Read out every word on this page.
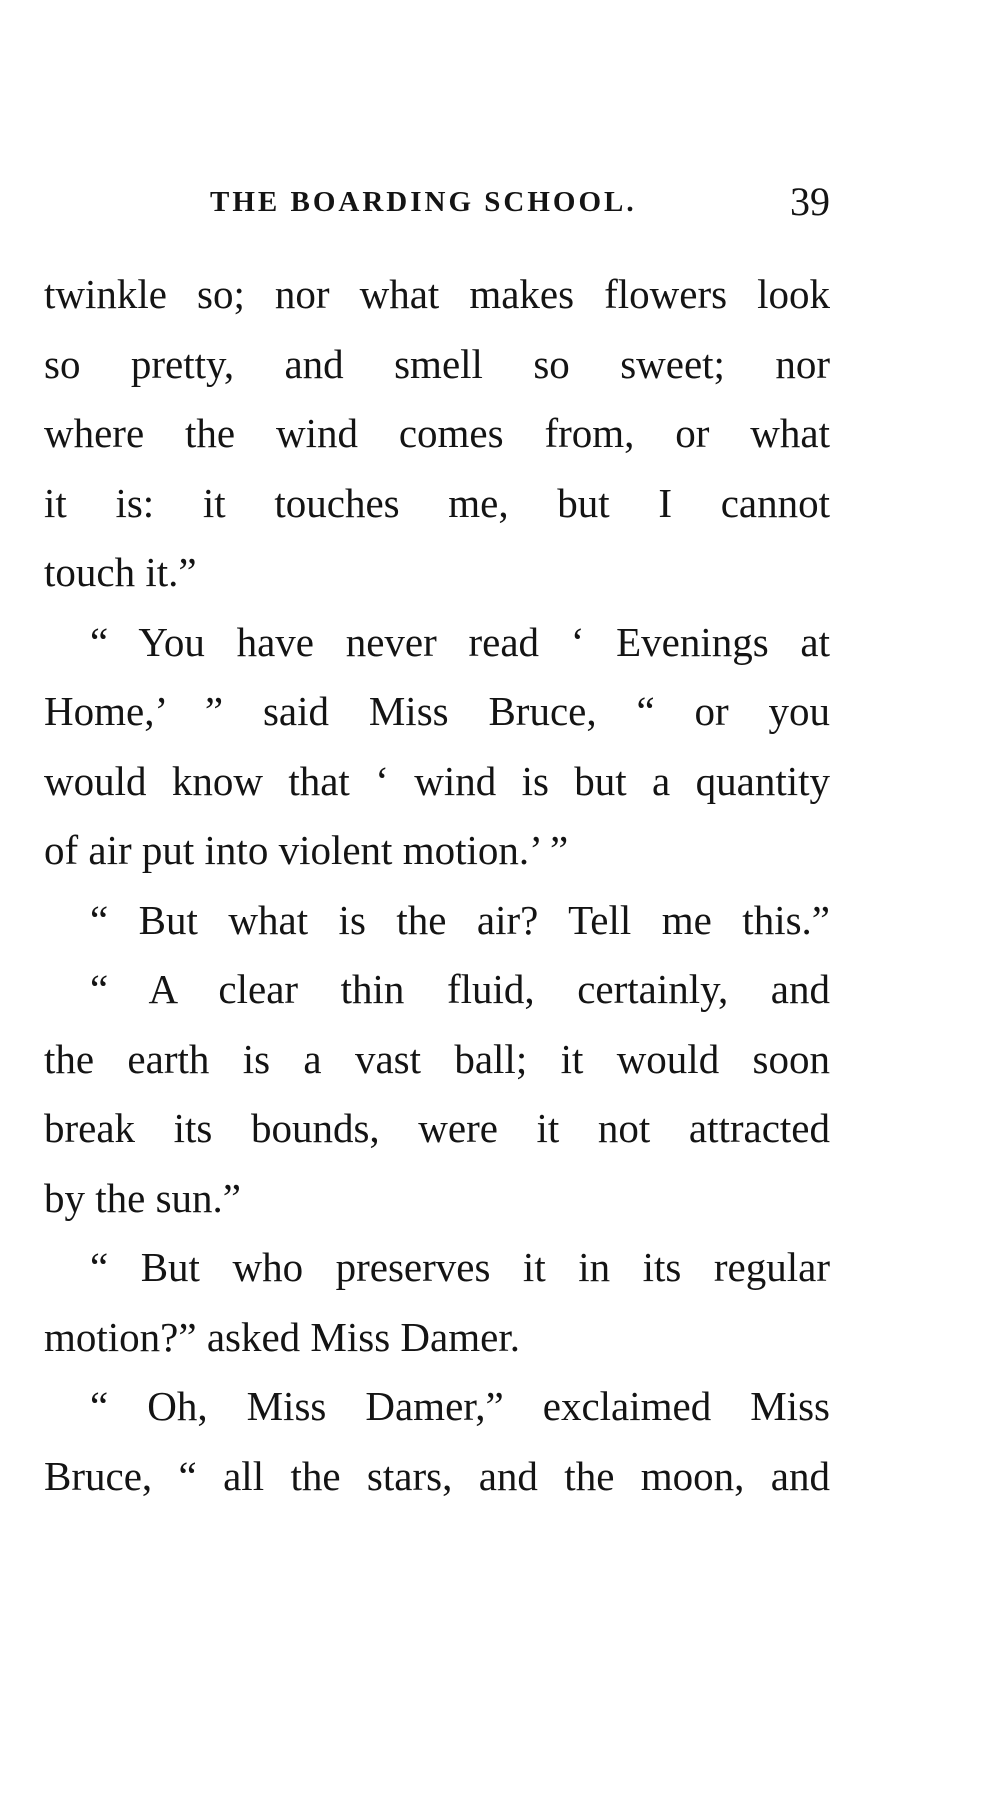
THE BOARDING SCHOOL.	39
twinkle so; nor what makes flowers look
so pretty, and smell so sweet; nor
where the wind comes from, or what
it is: it touches me, but I cannot
touch it.”
“ You have never read ‘ Evenings at
Home,’ ” said Miss Bruce, “ or you
would know that ‘ wind is but a quantity
of air put into violent motion.’ ”
“ But what is the air? Tell me this.”
“ A clear thin fluid, certainly, and
the earth is a vast ball; it would soon
break its bounds, were it not attracted
by the sun.”
“ But who preserves it in its regular
motion?” asked Miss Damer.
“ Oh, Miss Damer,” exclaimed Miss
Bruce, “ all the stars, and the moon, and
